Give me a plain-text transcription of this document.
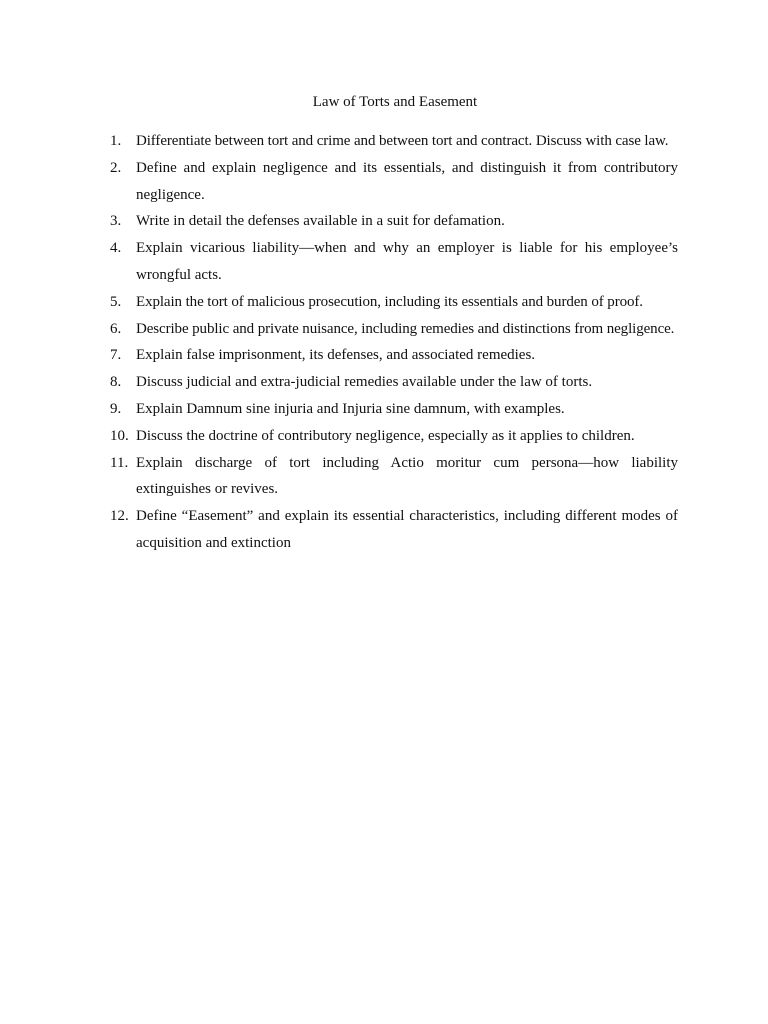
Law of Torts and Easement
1. Differentiate between tort and crime and between tort and contract. Discuss with case law.
2. Define and explain negligence and its essentials, and distinguish it from contributory negligence.
3. Write in detail the defenses available in a suit for defamation.
4. Explain vicarious liability—when and why an employer is liable for his employee’s wrongful acts.
5. Explain the tort of malicious prosecution, including its essentials and burden of proof.
6. Describe public and private nuisance, including remedies and distinctions from negligence.
7. Explain false imprisonment, its defenses, and associated remedies.
8. Discuss judicial and extra-judicial remedies available under the law of torts.
9. Explain Damnum sine injuria and Injuria sine damnum, with examples.
10. Discuss the doctrine of contributory negligence, especially as it applies to children.
11. Explain discharge of tort including Actio moritur cum persona—how liability extinguishes or revives.
12. Define “Easement” and explain its essential characteristics, including different modes of acquisition and extinction
